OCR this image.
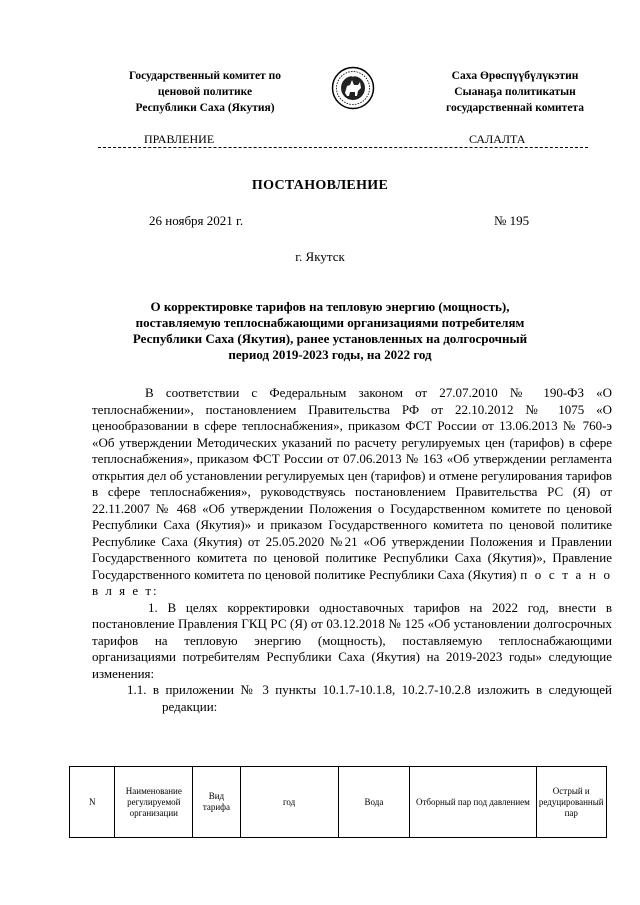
Государственный комитет по
ценовой политике
Республики Саха (Якутия)
Саха Өрөспүүбүлүкэтин
Сыанаҕа политикатын
государственнай комитета
ПРАВЛЕНИЕ	САЛАЛТА
ПОСТАНОВЛЕНИЕ
26 ноября 2021 г.	№ 195
г. Якутск
О корректировке тарифов на тепловую энергию (мощность),
поставляемую теплоснабжающими организациями потребителям
Республики Саха (Якутия), ранее установленных на долгосрочный
период 2019-2023 годы, на 2022 год

В соответствии с Федеральным законом от 27.07.2010 № 190-ФЗ «О теплоснабжении», постановлением Правительства РФ от 22.10.2012 № 1075 «О ценообразовании в сфере теплоснабжения», приказом ФСТ России от 13.06.2013 № 760-э «Об утверждении Методических указаний по расчету регулируемых цен (тарифов) в сфере теплоснабжения», приказом ФСТ России от 07.06.2013 № 163 «Об утверждении регламента открытия дел об установлении регулируемых цен (тарифов) и отмене регулирования тарифов в сфере теплоснабжения», руководствуясь постановлением Правительства РС (Я) от 22.11.2007 № 468 «Об утверждении Положения о Государственном комитете по ценовой Республики Саха (Якутия)» и приказом Государственного комитета по ценовой политике Республике Саха (Якутия) от 25.05.2020 №21 «Об утверждении Положения и Правлении Государственного комитета по ценовой политике Республики Саха (Якутия)», Правление Государственного комитета по ценовой политике Республики Саха (Якутия) п о с т а н о в л я е т:

1. В целях корректировки одноставочных тарифов на 2022 год, внести в постановление Правления ГКЦ РС (Я) от 03.12.2018 № 125 «Об установлении долгосрочных тарифов на тепловую энергию (мощность), поставляемую теплоснабжающими организациями потребителям Республики Саха (Якутия) на 2019-2023 годы» следующие изменения:

1.1. в приложении № 3 пункты 10.1.7-10.1.8, 10.2.7-10.2.8 изложить в следующей редакции:

N	Наименование регулируемой организации	Вид тарифа	год	Вода	Отборный пар под давлением	Острый и редуцированный пар
